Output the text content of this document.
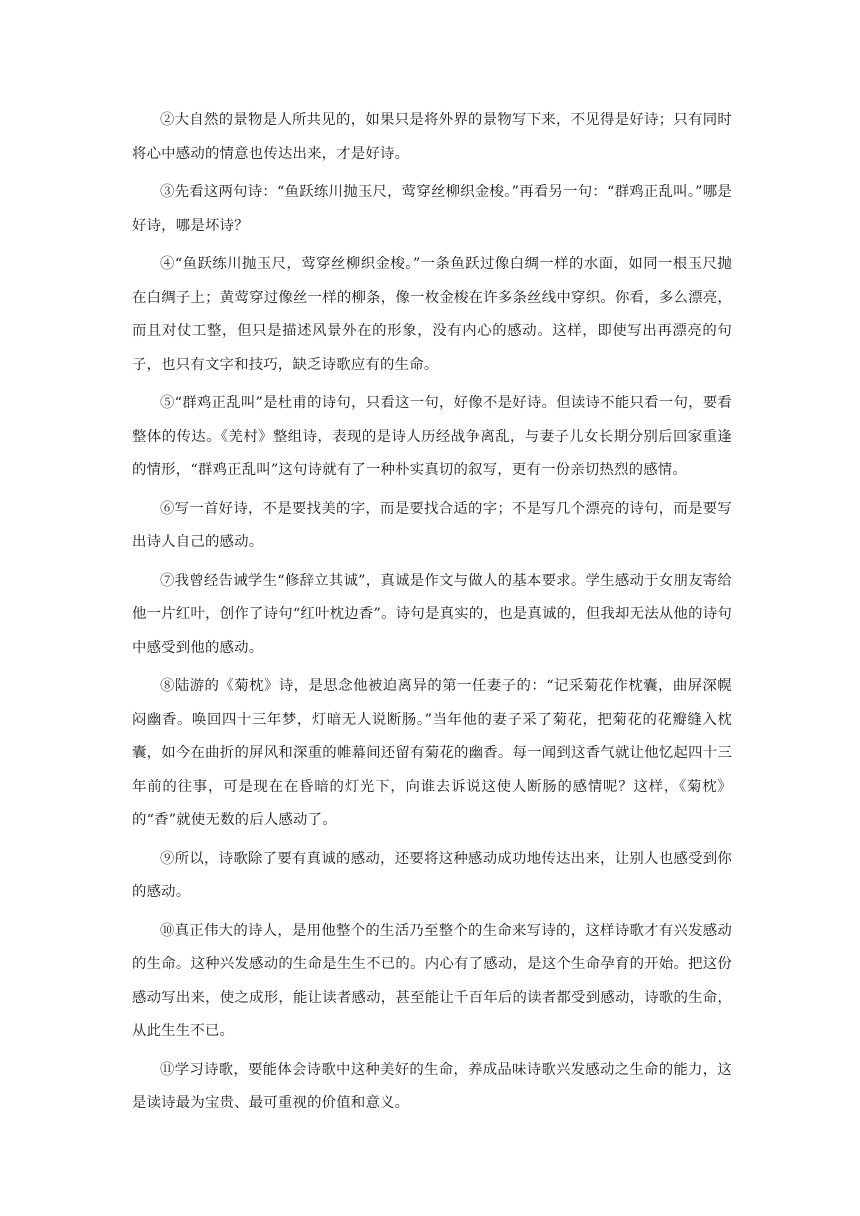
②大自然的景物是人所共见的，如果只是将外界的景物写下来，不见得是好诗；只有同时将心中感动的情意也传达出来，才是好诗。

③先看这两句诗：“鱼跃练川抛玉尺，莺穿丝柳织金梭。”再看另一句：“群鸡正乱叫。”哪是好诗，哪是坏诗？

④“鱼跃练川抛玉尺，莺穿丝柳织金梭。”一条鱼跃过像白绸一样的水面，如同一根玉尺抛在白绸子上；黄莺穿过像丝一样的柳条，像一枚金梭在许多条丝线中穿织。你看，多么漂亮，而且对仗工整，但只是描述风景外在的形象，没有内心的感动。这样，即使写出再漂亮的句子，也只有文字和技巧，缺乏诗歌应有的生命。

⑤“群鸡正乱叫”是杜甫的诗句，只看这一句，好像不是好诗。但读诗不能只看一句，要看整体的传达。《羌村》整组诗，表现的是诗人历经战争离乱，与妻子儿女长期分别后回家重逢的情形，“群鸡正乱叫”这句诗就有了一种朴实真切的叙写，更有一份亲切热烈的感情。

⑥写一首好诗，不是要找美的字，而是要找合适的字；不是写几个漂亮的诗句，而是要写出诗人自己的感动。

⑦我曾经告诫学生“修辞立其诚”，真诚是作文与做人的基本要求。学生感动于女朋友寄给他一片红叶，创作了诗句“红叶枕边香”。诗句是真实的，也是真诚的，但我却无法从他的诗句中感受到他的感动。

⑧陆游的《菊枕》诗，是思念他被迫离异的第一任妻子的：“记采菊花作枕囊，曲屏深幌闷幽香。唤回四十三年梦，灯暗无人说断肠。”当年他的妻子采了菊花，把菊花的花瓣缝入枕囊，如今在曲折的屏风和深重的帷幕间还留有菊花的幽香。每一闻到这香气就让他忆起四十三年前的往事，可是现在在昏暗的灯光下，向谁去诉说这使人断肠的感情呢？这样，《菊枕》的“香”就使无数的后人感动了。

⑨所以，诗歌除了要有真诚的感动，还要将这种感动成功地传达出来，让别人也感受到你的感动。

⑩真正伟大的诗人，是用他整个的生活乃至整个的生命来写诗的，这样诗歌才有兴发感动的生命。这种兴发感动的生命是生生不已的。内心有了感动，是这个生命孕育的开始。把这份感动写出来，使之成形，能让读者感动，甚至能让千百年后的读者都受到感动，诗歌的生命，从此生生不已。

⑪学习诗歌，要能体会诗歌中这种美好的生命，养成品味诗歌兴发感动之生命的能力，这是读诗最为宝贵、最可重视的价值和意义。
